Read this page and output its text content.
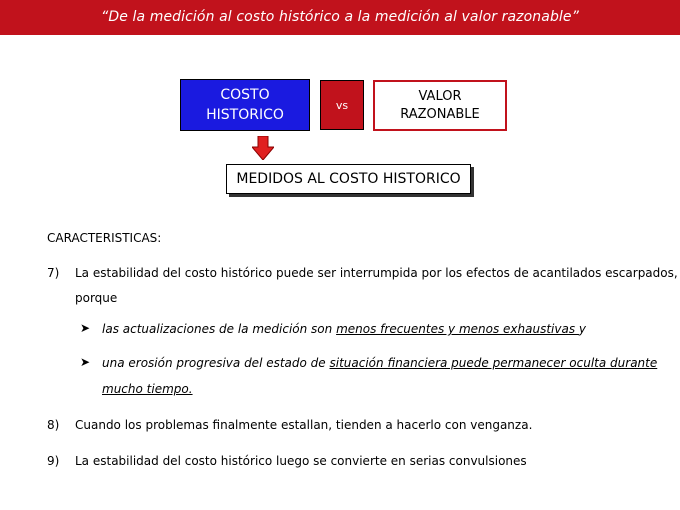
“De la medición al costo histórico a la medición al valor razonable”
COSTO
HISTORICO
vs
VALOR
RAZONABLE
MEDIDOS AL COSTO HISTORICO
CARACTERISTICAS:
7) La estabilidad del costo histórico puede ser interrumpida por los efectos de acantilados escarpados,
porque
➤ las actualizaciones de la medición son menos frecuentes y menos exhaustivas y
➤ una erosión progresiva del estado de situación financiera puede permanecer oculta durante
mucho tiempo.
8) Cuando los problemas finalmente estallan, tienden a hacerlo con venganza.
9) La estabilidad del costo histórico luego se convierte en serias convulsiones
